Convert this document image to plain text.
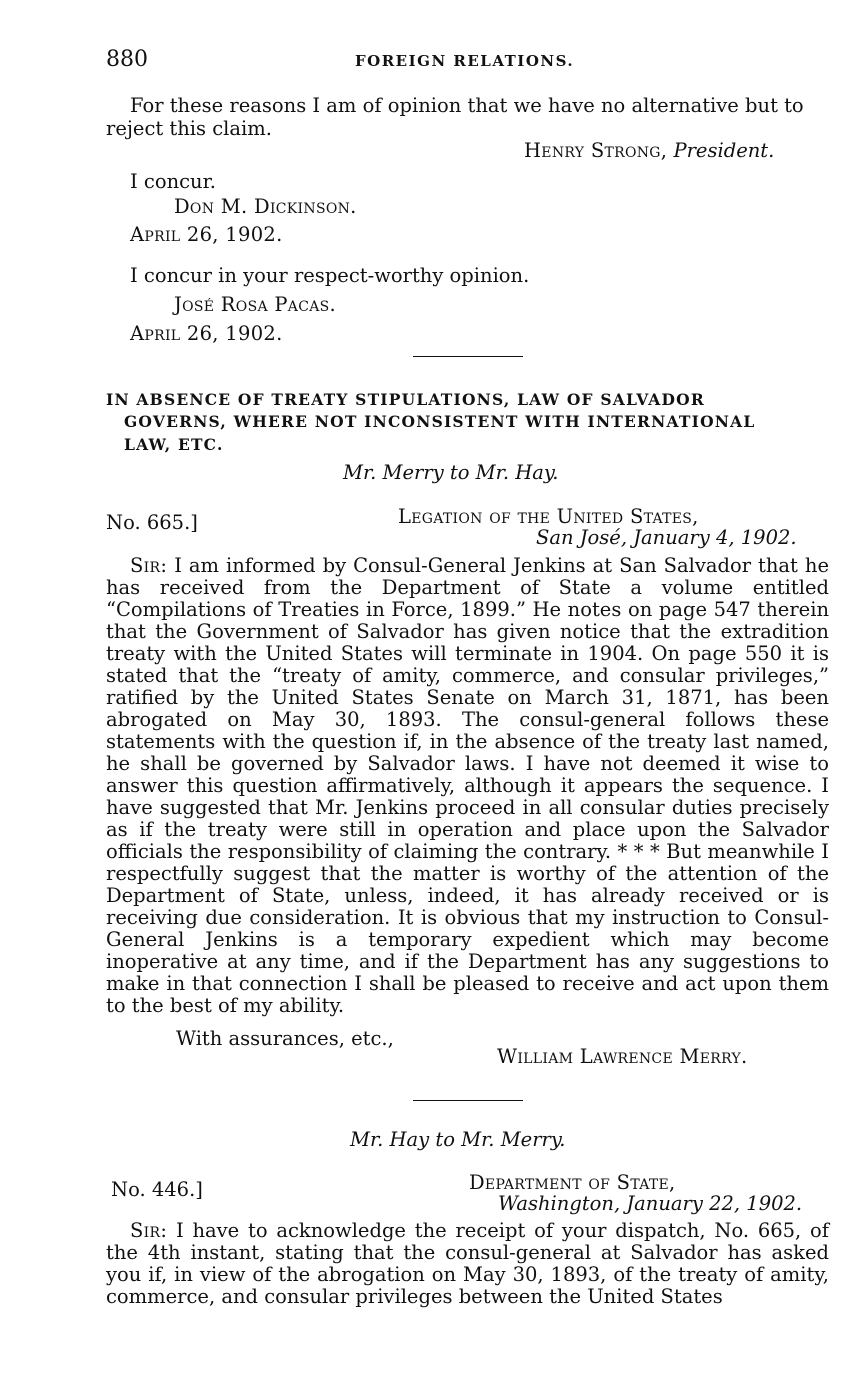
880	FOREIGN RELATIONS.
For these reasons I am of opinion that we have no alternative but to
reject this claim.
Henry Strong, President.
I concur.
Don M. Dickinson.
April 26, 1902.
I concur in your respect-worthy opinion.
José Rosa Pacas.
April 26, 1902.
IN ABSENCE OF TREATY STIPULATIONS, LAW OF SALVADOR
GOVERNS, WHERE NOT INCONSISTENT WITH INTERNATIONAL
LAW, ETC.
Mr. Merry to Mr. Hay.
No. 665.]	Legation of the United States,
San José, January 4, 1902.
Sir: I am informed by Consul-General Jenkins at San Salvador that he has received from the Department of State a volume entitled “Compilations of Treaties in Force, 1899.” He notes on page 547 therein that the Government of Salvador has given notice that the extradition treaty with the United States will terminate in 1904. On page 550 it is stated that the “treaty of amity, commerce, and consular privileges,” ratified by the United States Senate on March 31, 1871, has been abrogated on May 30, 1893. The consul-general follows these statements with the question if, in the absence of the treaty last named, he shall be governed by Salvador laws. I have not deemed it wise to answer this question affirmatively, although it appears the sequence. I have suggested that Mr. Jenkins proceed in all consular duties precisely as if the treaty were still in operation and place upon the Salvador officials the responsibility of claiming the contrary. * * * But meanwhile I respectfully suggest that the matter is worthy of the attention of the Department of State, unless, indeed, it has already received or is receiving due consideration. It is obvious that my instruction to Consul-General Jenkins is a temporary expedient which may become inoperative at any time, and if the Department has any suggestions to make in that connection I shall be pleased to receive and act upon them to the best of my ability.
With assurances, etc.,
William Lawrence Merry.
Mr. Hay to Mr. Merry.
No. 446.]	Department of State,
Washington, January 22, 1902.
Sir: I have to acknowledge the receipt of your dispatch, No. 665, of the 4th instant, stating that the consul-general at Salvador has asked you if, in view of the abrogation on May 30, 1893, of the treaty of amity, commerce, and consular privileges between the United States
